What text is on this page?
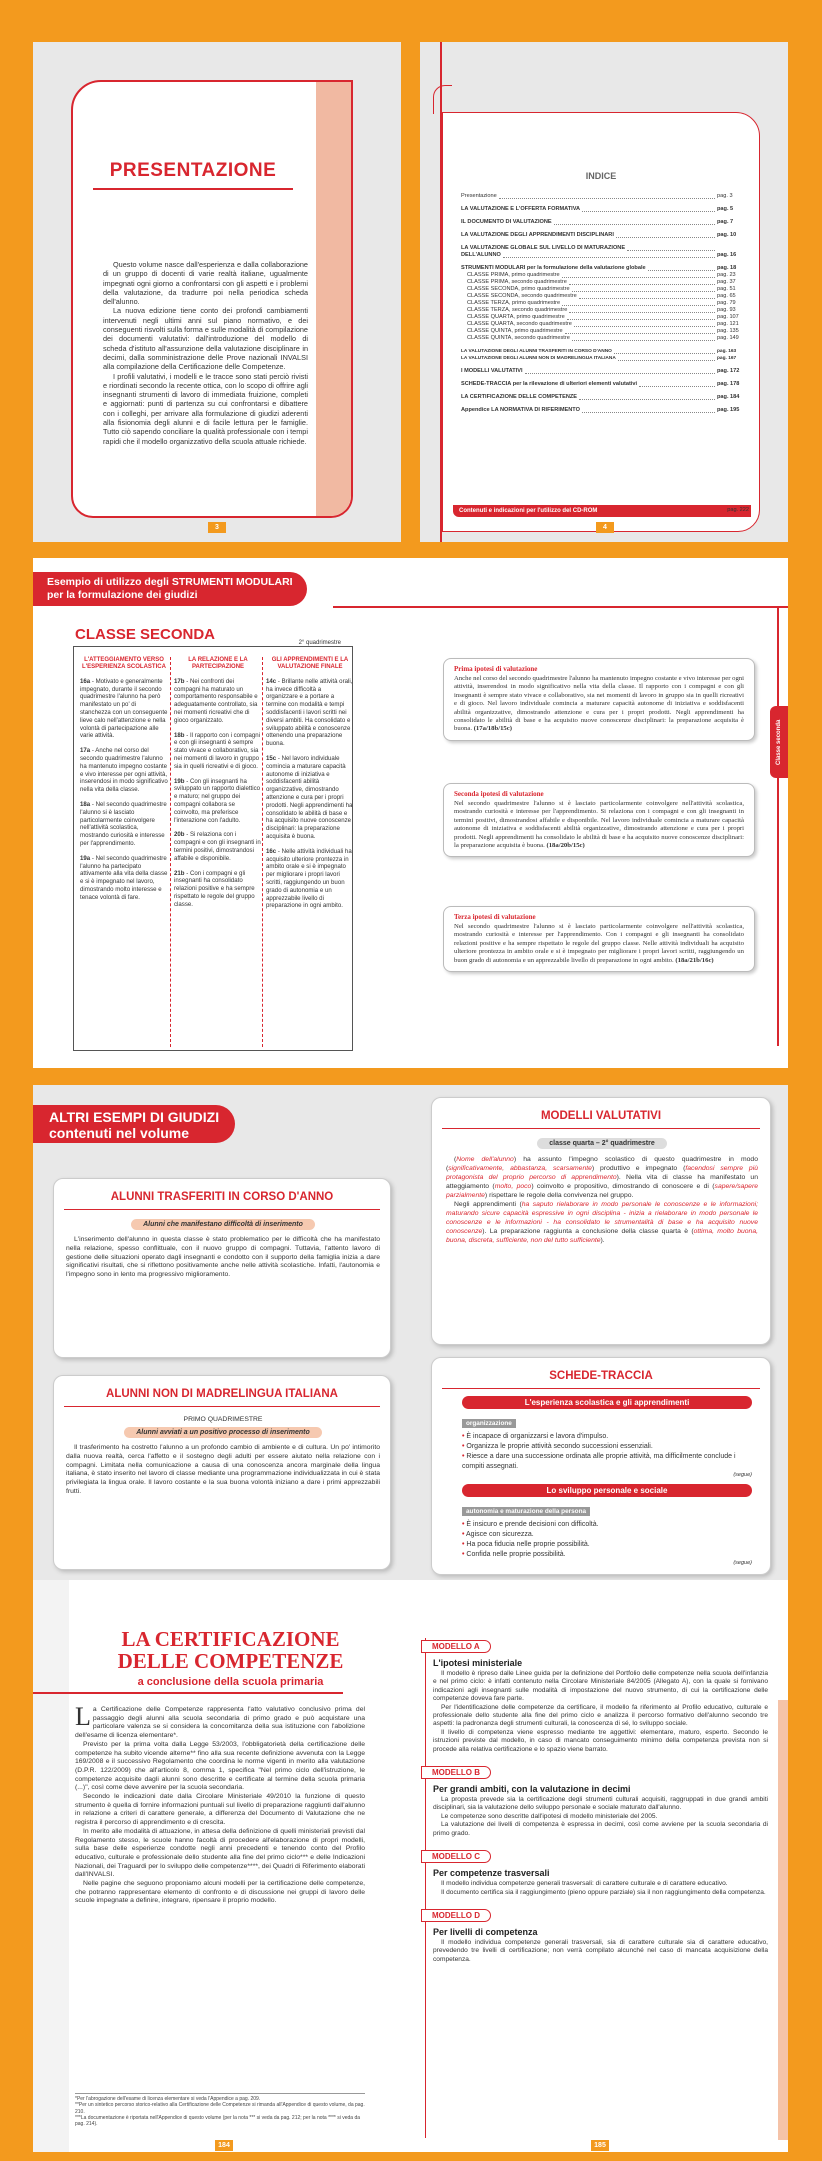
PRESENTAZIONE

Questo volume nasce dall'esperienza e dalla collaborazione di un gruppo di docenti di varie realtà italiane, ugualmente impegnati ogni giorno a confrontarsi con gli aspetti e i problemi della valutazione, da tradurre poi nella periodica scheda dell'alunno.

La nuova edizione tiene conto dei profondi cambiamenti intervenuti negli ultimi anni sul piano normativo, e dei conseguenti risvolti sulla forma e sulle modalità di compilazione dei documenti valutativi: dall'introduzione del modello di scheda d'istituto all'assunzione della valutazione disciplinare in decimi, dalla somministrazione delle Prove nazionali INVALSI alla compilazione della Certificazione delle Competenze.

I profili valutativi, i modelli e le tracce sono stati perciò rivisti e riordinati secondo la recente ottica, con lo scopo di offrire agli insegnanti strumenti di lavoro di immediata fruizione, completi e aggiornati: punti di partenza su cui confrontarsi e dibattere con i colleghi, per arrivare alla formulazione di giudizi aderenti alla fisionomia degli alunni e di facile lettura per le famiglie. Tutto ciò sapendo conciliare la qualità professionale con i tempi rapidi che il modello organizzativo della scuola attuale richiede.

3
INDICE
Presentazione	pag. 3
LA VALUTAZIONE E L'OFFERTA FORMATIVA	pag. 5
IL DOCUMENTO DI VALUTAZIONE	pag. 7
LA VALUTAZIONE DEGLI APPRENDIMENTI DISCIPLINARI	pag. 10
LA VALUTAZIONE GLOBALE SUL LIVELLO DI MATURAZIONE
DELL'ALUNNO	pag. 16
STRUMENTI MODULARI per la formulazione della valutazione globale	pag. 18
CLASSE PRIMA, primo quadrimestre	pag. 23
CLASSE PRIMA, secondo quadrimestre	pag. 37
CLASSE SECONDA, primo quadrimestre	pag. 51
CLASSE SECONDA, secondo quadrimestre	pag. 65
CLASSE TERZA, primo quadrimestre	pag. 79
CLASSE TERZA, secondo quadrimestre	pag. 93
CLASSE QUARTA, primo quadrimestre	pag. 107
CLASSE QUARTA, secondo quadrimestre	pag. 121
CLASSE QUINTA, primo quadrimestre	pag. 135
CLASSE QUINTA, secondo quadrimestre	pag. 149
LA VALUTAZIONE DEGLI ALUNNI TRASFERITI IN CORSO D'ANNO	pag. 163
LA VALUTAZIONE DEGLI ALUNNI NON DI MADRELINGUA ITALIANA	pag. 167
I MODELLI VALUTATIVI	pag. 172
SCHEDE-TRACCIA per la rilevazione di ulteriori elementi valutativi	pag. 178
LA CERTIFICAZIONE DELLE COMPETENZE	pag. 184
Appendice LA NORMATIVA DI RIFERIMENTO	pag. 195
Contenuti e indicazioni per l'utilizzo del CD-ROM	pag. 222
4
Esempio di utilizzo degli STRUMENTI MODULARI
per la formulazione dei giudizi
Classe seconda
CLASSE SECONDA	2° quadrimestre
L'ATTEGGIAMENTO VERSO L'ESPERIENZA SCOLASTICA

16a - Motivato e generalmente impegnato, durante il secondo quadrimestre l'alunno ha però manifestato un po' di stanchezza con un conseguente lieve calo nell'attenzione e nella volontà di partecipazione alle varie attività.

17a - Anche nel corso del secondo quadrimestre l'alunno ha mantenuto impegno costante e vivo interesse per ogni attività, inserendosi in modo significativo nella vita della classe.

18a - Nel secondo quadrimestre l'alunno si è lasciato particolarmente coinvolgere nell'attività scolastica, mostrando curiosità e interesse per l'apprendimento.

19a - Nel secondo quadrimestre l'alunno ha partecipato attivamente alla vita della classe e si è impegnato nel lavoro, dimostrando molto interesse e tenace volontà di fare.

LA RELAZIONE E LA PARTECIPAZIONE

17b - Nei confronti dei compagni ha maturato un comportamento responsabile e adeguatamente controllato, sia nei momenti ricreativi che di gioco organizzato.

18b - Il rapporto con i compagni e con gli insegnanti è sempre stato vivace e collaborativo, sia nei momenti di lavoro in gruppo sia in quelli ricreativi e di gioco.

19b - Con gli insegnanti ha sviluppato un rapporto dialettico e maturo; nel gruppo dei compagni collabora se coinvolto, ma preferisce l'interazione con l'adulto.

20b - Si relaziona con i compagni e con gli insegnanti in termini positivi, dimostrandosi affabile e disponibile.

21b - Con i compagni e gli insegnanti ha consolidato relazioni positive e ha sempre rispettato le regole del gruppo classe.

GLI APPRENDIMENTI E LA VALUTAZIONE FINALE

14c - Brillante nelle attività orali, ha invece difficoltà a organizzare e a portare a termine con modalità e tempi soddisfacenti i lavori scritti nei diversi ambiti. Ha consolidato e sviluppato abilità e conoscenze ottenendo una preparazione buona.

15c - Nel lavoro individuale comincia a maturare capacità autonome di iniziativa e soddisfacenti abilità organizzative, dimostrando attenzione e cura per i propri prodotti. Negli apprendimenti ha consolidato le abilità di base e ha acquisito nuove conoscenze disciplinari: la preparazione acquisita è buona.

16c - Nelle attività individuali ha acquisito ulteriore prontezza in ambito orale e si è impegnato per migliorare i propri lavori scritti, raggiungendo un buon grado di autonomia e un apprezzabile livello di preparazione in ogni ambito.

Prima ipotesi di valutazione
Anche nel corso del secondo quadrimestre l'alunno ha mantenuto impegno costante e vivo interesse per ogni attività, inserendosi in modo significativo nella vita della classe. Il rapporto con i compagni e con gli insegnanti è sempre stato vivace e collaborativo, sia nei momenti di lavoro in gruppo sia in quelli ricreativi e di gioco. Nel lavoro individuale comincia a maturare capacità autonome di iniziativa e soddisfacenti abilità organizzative, dimostrando attenzione e cura per i propri prodotti. Negli apprendimenti ha consolidato le abilità di base e ha acquisito nuove conoscenze disciplinari: la preparazione acquisita è buona. (17a/18b/15c)
Seconda ipotesi di valutazione
Nel secondo quadrimestre l'alunno si è lasciato particolarmente coinvolgere nell'attività scolastica, mostrando curiosità e interesse per l'apprendimento. Si relaziona con i compagni e con gli insegnanti in termini positivi, dimostrandosi affabile e disponibile. Nel lavoro individuale comincia a maturare capacità autonome di iniziativa e soddisfacenti abilità organizzative, dimostrando attenzione e cura per i propri prodotti. Negli apprendimenti ha consolidato le abilità di base e ha acquisito nuove conoscenze disciplinari: la preparazione acquisita è buona. (18a/20b/15c)
Terza ipotesi di valutazione
Nel secondo quadrimestre l'alunno si è lasciato particolarmente coinvolgere nell'attività scolastica, mostrando curiosità e interesse per l'apprendimento. Con i compagni e gli insegnanti ha consolidato relazioni positive e ha sempre rispettato le regole del gruppo classe. Nelle attività individuali ha acquisito ulteriore prontezza in ambito orale e si è impegnato per migliorare i propri lavori scritti, raggiungendo un buon grado di autonomia e un apprezzabile livello di preparazione in ogni ambito. (18a/21b/16c)
ALTRI ESEMPI DI GIUDIZI
contenuti nel volume
ALUNNI TRASFERITI IN CORSO D'ANNO
Alunni che manifestano difficoltà di inserimento
L'inserimento dell'alunno in questa classe è stato problematico per le difficoltà che ha manifestato nella relazione, spesso conflittuale, con il nuovo gruppo di compagni. Tuttavia, l'attento lavoro di gestione delle situazioni operato dagli insegnanti e condotto con il supporto della famiglia inizia a dare significativi risultati, che si riflettono positivamente anche nelle attività scolastiche. Infatti, l'autonomia e l'impegno sono in lento ma progressivo miglioramento.
ALUNNI NON DI MADRELINGUA ITALIANA
PRIMO QUADRIMESTRE
Alunni avviati a un positivo processo di inserimento
Il trasferimento ha costretto l'alunno a un profondo cambio di ambiente e di cultura. Un po' intimorito dalla nuova realtà, cerca l'affetto e il sostegno degli adulti per essere aiutato nella relazione con i compagni. Limitata nella comunicazione a causa di una conoscenza ancora marginale della lingua italiana, è stato inserito nel lavoro di classe mediante una programmazione individualizzata in cui è stata privilegiata la lingua orale. Il lavoro costante e la sua buona volontà iniziano a dare i primi apprezzabili frutti.
MODELLI VALUTATIVI
classe quarta – 2° quadrimestre
(Nome dell'alunno) ha assunto l'impegno scolastico di questo quadrimestre in modo (significativamente, abbastanza, scarsamente) produttivo e impegnato (facendosi sempre più protagonista del proprio percorso di apprendimento). Nella vita di classe ha manifestato un atteggiamento (molto, poco) coinvolto e propositivo, dimostrando di conoscere e di (sapere/sapere parzialmente) rispettare le regole della convivenza nel gruppo.
Negli apprendimenti (ha saputo rielaborare in modo personale le conoscenze e le informazioni; maturando sicure capacità espressive in ogni disciplina - inizia a rielaborare in modo personale le conoscenze e le informazioni - ha consolidato le strumentalità di base e ha acquisito nuove conoscenze). La preparazione raggiunta a conclusione della classe quarta è (ottima, molto buona, buona, discreta, sufficiente, non del tutto sufficiente).
SCHEDE-TRACCIA
L'esperienza scolastica e gli apprendimenti
organizzazione
• È incapace di organizzarsi e lavora d'impulso.
• Organizza le proprie attività secondo successioni essenziali.
• Riesce a dare una successione ordinata alle proprie attività, ma difficilmente conclude i compiti assegnati.
(segue)
Lo sviluppo personale e sociale
autonomia e maturazione della persona
• È insicuro e prende decisioni con difficoltà.
• Agisce con sicurezza.
• Ha poca fiducia nelle proprie possibilità.
• Confida nelle proprie possibilità.
(segue)
LA CERTIFICAZIONE
DELLE COMPETENZE
a conclusione della scuola primaria

La Certificazione delle Competenze rappresenta l'atto valutativo conclusivo prima del passaggio degli alunni alla scuola secondaria di primo grado e può acquistare una particolare valenza se si considera la concomitanza della sua istituzione con l'abolizione dell'esame di licenza elementare*.

Previsto per la prima volta dalla Legge 53/2003, l'obbligatorietà della certificazione delle competenze ha subito vicende alterne** fino alla sua recente definizione avvenuta con la Legge 169/2008 e il successivo Regolamento che coordina le norme vigenti in merito alla valutazione (D.P.R. 122/2009) che all'articolo 8, comma 1, specifica "Nel primo ciclo dell'istruzione, le competenze acquisite dagli alunni sono descritte e certificate al termine della scuola primaria (...)", così come deve avvenire per la scuola secondaria.

Secondo le indicazioni date dalla Circolare Ministeriale 49/2010 la funzione di questo strumento è quella di fornire informazioni puntuali sul livello di preparazione raggiunti dall'alunno in relazione a criteri di carattere generale, a differenza del Documento di Valutazione che ne registra il percorso di apprendimento e di crescita.

In merito alle modalità di attuazione, in attesa della definizione di quelli ministeriali previsti dal Regolamento stesso, le scuole hanno facoltà di procedere all'elaborazione di propri modelli, sulla base delle esperienze condotte negli anni precedenti e tenendo conto del Profilo educativo, culturale e professionale dello studente alla fine del primo ciclo*** e delle Indicazioni Nazionali, dei Traguardi per lo sviluppo delle competenze****, dei Quadri di Riferimento elaborati dall'INVALSI.

Nelle pagine che seguono proponiamo alcuni modelli per la certificazione delle competenze, che potranno rappresentare elemento di confronto e di discussione nei gruppi di lavoro delle scuole impegnate a definire, integrare, ripensare il proprio modello.

*Per l'abrogazione dell'esame di licenza elementare si veda l'Appendice a pag. 209.
**Per un sintetico percorso storico-relativo alla Certificazione delle Competenze si rimanda all'Appendice di questo volume, da pag. 210.
***La documentazione è riportata nell'Appendice di questo volume (per la nota *** si veda da pag. 212; per la nota **** si veda da pag. 214).
184
MODELLO A
L'ipotesi ministeriale

Il modello è ripreso dalle Linee guida per la definizione del Portfolio delle competenze nella scuola dell'infanzia e nel primo ciclo: è infatti contenuto nella Circolare Ministeriale 84/2005 (Allegato A), con la quale si fornivano indicazioni agli insegnanti sulle modalità di impostazione del nuovo strumento, di cui la certificazione delle competenze doveva fare parte.

Per l'identificazione delle competenze da certificare, il modello fa riferimento al Profilo educativo, culturale e professionale dello studente alla fine del primo ciclo e analizza il percorso formativo dell'alunno secondo tre aspetti: la padronanza degli strumenti culturali, la conoscenza di sé, lo sviluppo sociale.

Il livello di competenza viene espresso mediante tre aggettivi: elementare, maturo, esperto. Secondo le istruzioni previste dal modello, in caso di mancato conseguimento minimo della competenza prevista non si procede alla relativa certificazione e lo spazio viene barrato.

MODELLO B
Per grandi ambiti, con la valutazione in decimi

La proposta prevede sia la certificazione degli strumenti culturali acquisiti, raggruppati in due grandi ambiti disciplinari, sia la valutazione dello sviluppo personale e sociale maturato dall'alunno.

Le competenze sono descritte dall'ipotesi di modello ministeriale del 2005.

La valutazione dei livelli di competenza è espressa in decimi, così come avviene per la scuola secondaria di primo grado.

MODELLO C
Per competenze trasversali

Il modello individua competenze generali trasversali: di carattere culturale e di carattere educativo.

Il documento certifica sia il raggiungimento (pieno oppure parziale) sia il non raggiungimento della competenza.

MODELLO D
Per livelli di competenza

Il modello individua competenze generali trasversali, sia di carattere culturale sia di carattere educativo, prevedendo tre livelli di certificazione; non verrà compilato alcunché nel caso di mancata acquisizione della competenza.

185
